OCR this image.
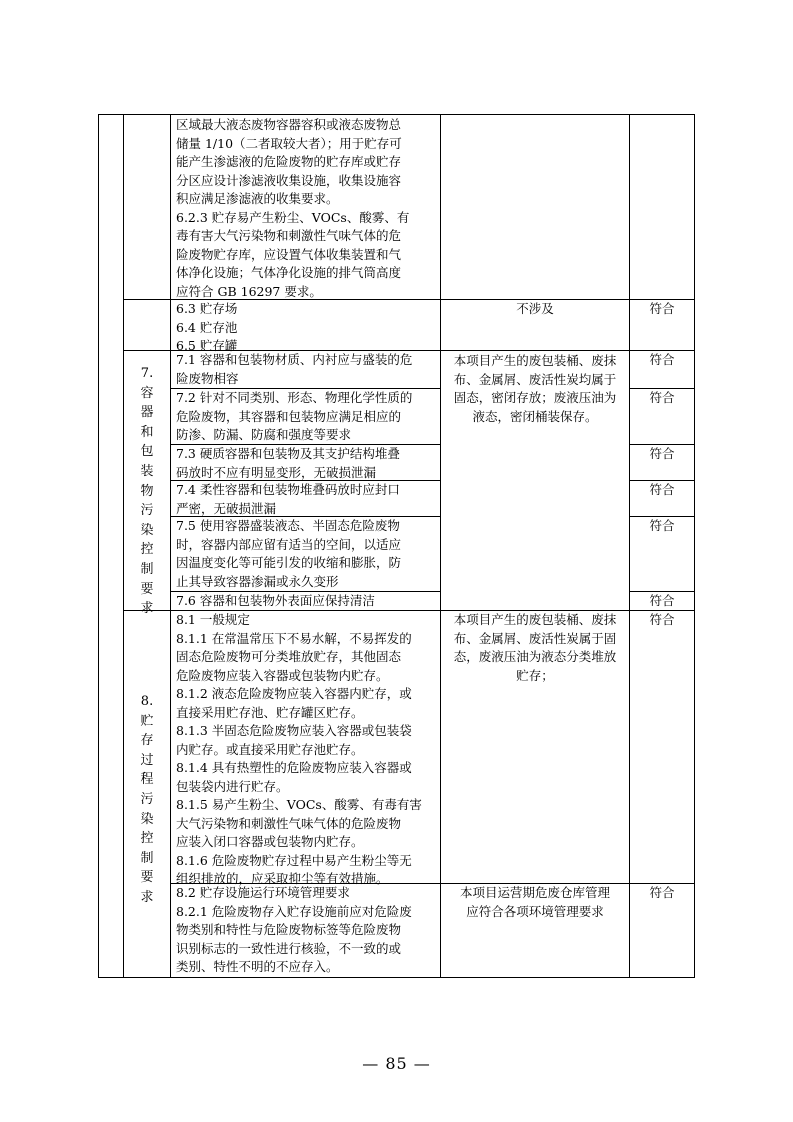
区域最大液态废物容器容积或液态废物总
储量 1/10（二者取较大者）；用于贮存可
能产生渗滤液的危险废物的贮存库或贮存
分区应设计渗滤液收集设施，收集设施容
积应满足渗滤液的收集要求。
6.2.3 贮存易产生粉尘、VOCs、酸雾、有
毒有害大气污染物和刺激性气味气体的危
险废物贮存库，应设置气体收集装置和气
体净化设施；气体净化设施的排气筒高度
应符合 GB 16297 要求。
6.3 贮存场
6.4 贮存池
6.5 贮存罐
不涉及	符合
7.
容
器
和
包
装
物
污
染
控
制
要
求
本项目产生的废包装桶、废抹
布、金属屑、废活性炭均属于
固态，密闭存放；废液压油为
液态，密闭桶装保存。
7.1 容器和包装物材质、内衬应与盛装的危
险废物相容
符合
7.2 针对不同类别、形态、物理化学性质的
危险废物，其容器和包装物应满足相应的
防渗、防漏、防腐和强度等要求
符合
7.3 硬质容器和包装物及其支护结构堆叠
码放时不应有明显变形，无破损泄漏
符合
7.4 柔性容器和包装物堆叠码放时应封口
严密，无破损泄漏
符合
7.5 使用容器盛装液态、半固态危险废物
时，容器内部应留有适当的空间，以适应
因温度变化等可能引发的收缩和膨胀，防
止其导致容器渗漏或永久变形
符合
7.6 容器和包装物外表面应保持清洁	符合
8.
贮
存
过
程
污
染
控
制
要
求
8.1 一般规定
8.1.1 在常温常压下不易水解，不易挥发的
固态危险废物可分类堆放贮存，其他固态
危险废物应装入容器或包装物内贮存。
8.1.2 液态危险废物应装入容器内贮存，或
直接采用贮存池、贮存罐区贮存。
8.1.3 半固态危险废物应装入容器或包装袋
内贮存。或直接采用贮存池贮存。
8.1.4 具有热塑性的危险废物应装入容器或
包装袋内进行贮存。
8.1.5 易产生粉尘、VOCs、酸雾、有毒有害
大气污染物和刺激性气味气体的危险废物
应装入闭口容器或包装物内贮存。
8.1.6 危险废物贮存过程中易产生粉尘等无
组织排放的，应采取抑尘等有效措施。
本项目产生的废包装桶、废抹
布、金属屑、废活性炭属于固
态，废液压油为液态分类堆放
贮存；
符合
8.2 贮存设施运行环境管理要求
8.2.1 危险废物存入贮存设施前应对危险废
物类别和特性与危险废物标签等危险废物
识别标志的一致性进行核验，不一致的或
类别、特性不明的不应存入。
本项目运营期危废仓库管理
应符合各项环境管理要求
符合
— 85 —
